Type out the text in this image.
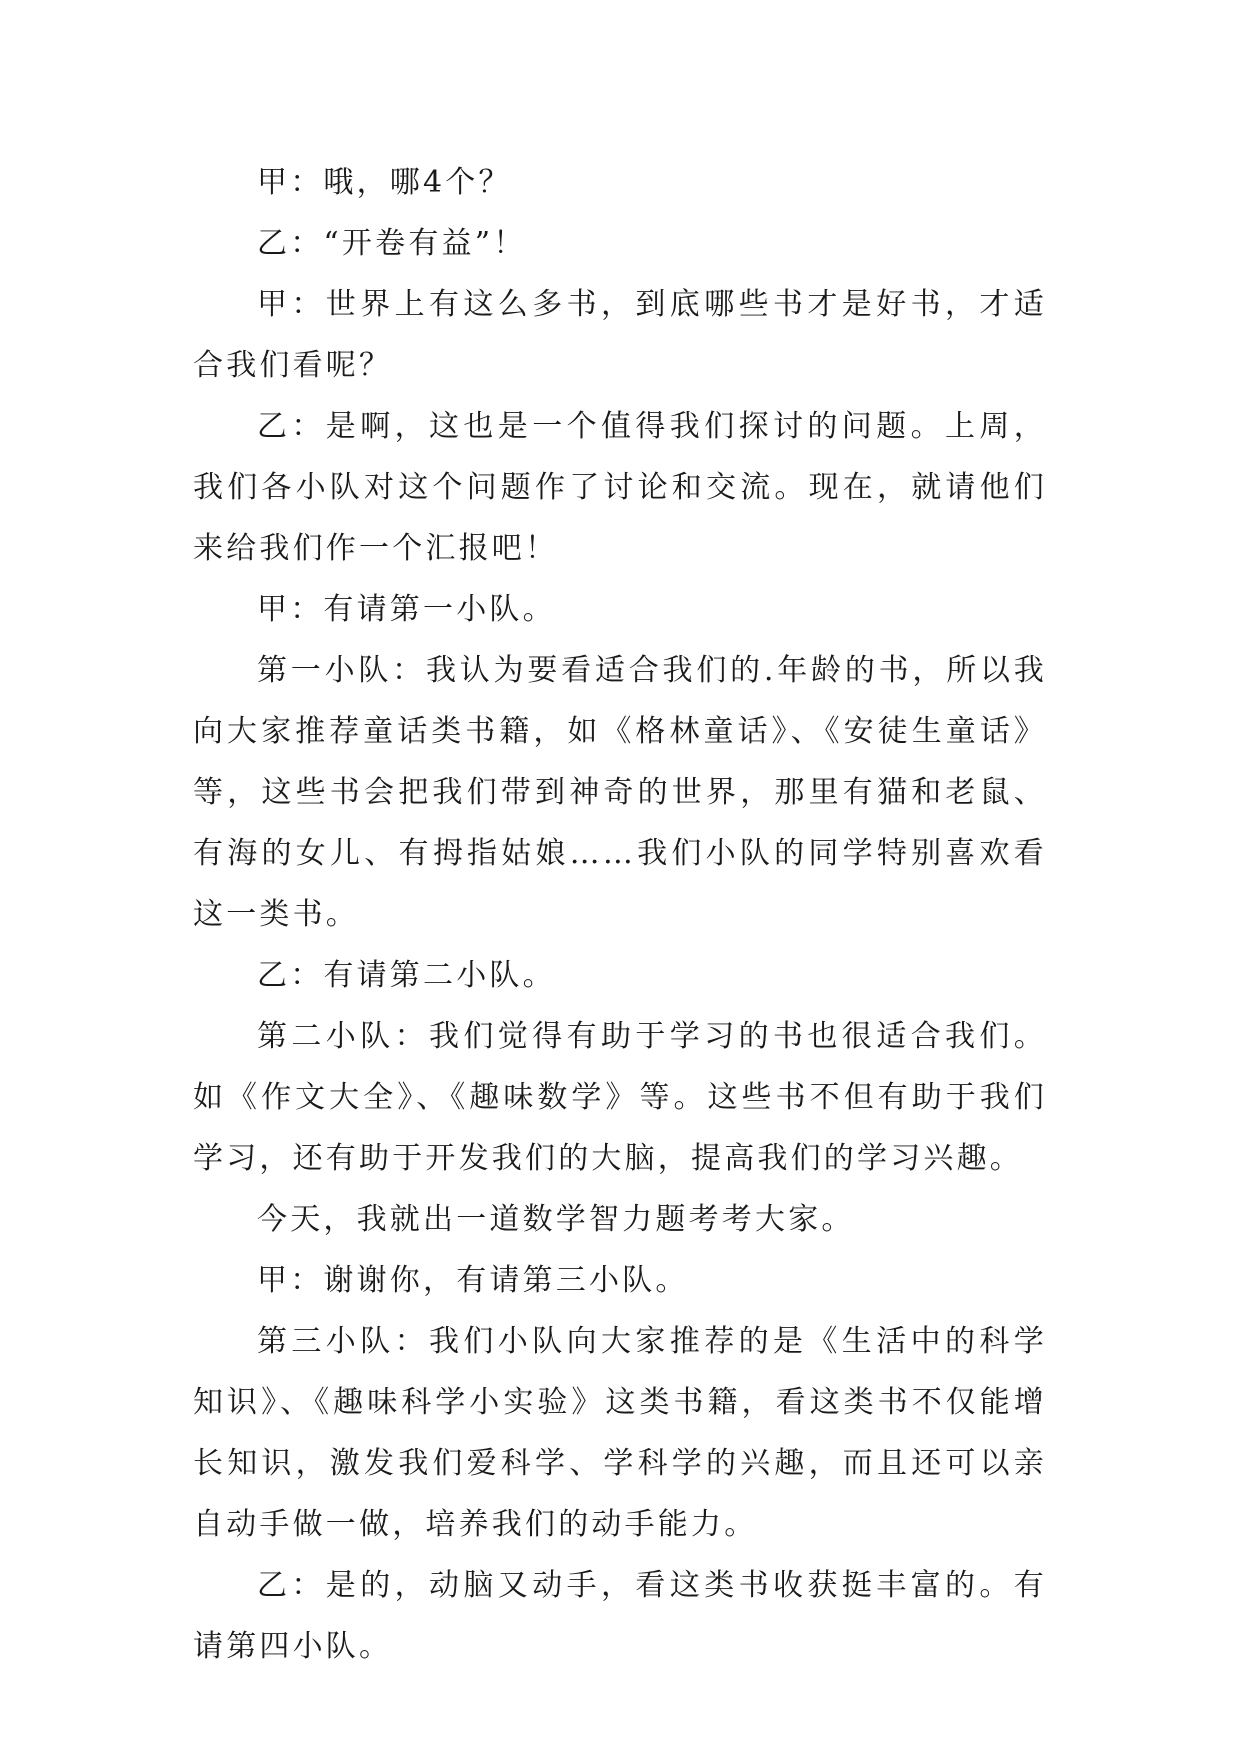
甲：哦，哪4个？

乙：“开卷有益”！

甲：世界上有这么多书，到底哪些书才是好书，才适合我们看呢？

乙：是啊，这也是一个值得我们探讨的问题。上周，我们各小队对这个问题作了讨论和交流。现在，就请他们来给我们作一个汇报吧！

甲：有请第一小队。

第一小队：我认为要看适合我们的.年龄的书，所以我向大家推荐童话类书籍，如《格林童话》、《安徒生童话》等，这些书会把我们带到神奇的世界，那里有猫和老鼠、有海的女儿、有拇指姑娘……我们小队的同学特别喜欢看这一类书。

乙：有请第二小队。

第二小队：我们觉得有助于学习的书也很适合我们。如《作文大全》、《趣味数学》等。这些书不但有助于我们学习，还有助于开发我们的大脑，提高我们的学习兴趣。

今天，我就出一道数学智力题考考大家。

甲：谢谢你，有请第三小队。

第三小队：我们小队向大家推荐的是《生活中的科学知识》、《趣味科学小实验》这类书籍，看这类书不仅能增长知识，激发我们爱科学、学科学的兴趣，而且还可以亲自动手做一做，培养我们的动手能力。

乙：是的，动脑又动手，看这类书收获挺丰富的。有请第四小队。
